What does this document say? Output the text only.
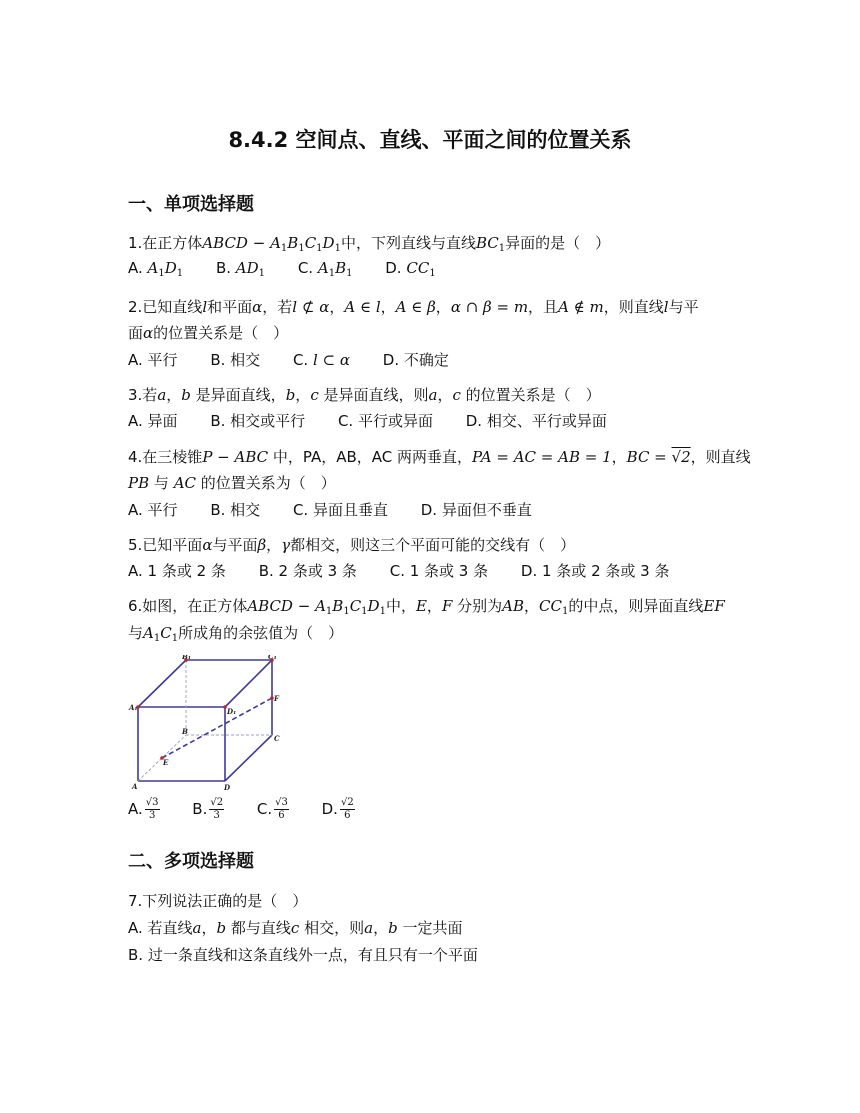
8.4.2 空间点、直线、平面之间的位置关系
一、单项选择题
1.在正方体ABCD − $A_1B_1C_1D_1$中，下列直线与直线$BC_1$异面的是（　）
A. $A_1D_1$ B. $AD_1$ C. $A_1B_1$ D. $CC_1$
2.已知直线l和平面α，若l ⊄ α，A ∈ l，A ∈ β，α ∩ β = m，且A ∉ m，则直线l与平
面α的位置关系是（　）
A. 平行 B. 相交 C. l ⊂ α D. 不确定
3.若a，b 是异面直线，b，c 是异面直线，则a，c 的位置关系是（　）
A. 异面 B. 相交或平行 C. 平行或异面 D. 相交、平行或异面
4.在三棱锥P − ABC 中，PA，AB，AC 两两垂直，PA = AC = AB = 1，BC = √2，则直线
PB 与 AC 的位置关系为（　）
A. 平行 B. 相交 C. 异面且垂直 D. 异面但不垂直
5.已知平面α与平面β，γ都相交，则这三个平面可能的交线有（　）
A. 1 条或 2 条 B. 2 条或 3 条 C. 1 条或 3 条 D. 1 条或 2 条或 3 条
6.如图，在正方体ABCD − $A_1B_1C_1D_1$中，E，F 分别为AB，$CC_1$的中点，则异面直线EF
与$A_1C_1$所成角的余弦值为（　）
B₁	C₁
A₁	D₁
F
B
C
E
A	D
A. $\frac{√3}{3} B$. $\frac{√2}{3} C$. $\frac{√3}{6} D$. $\frac{√2}{6}$
二、多项选择题
7.下列说法正确的是（　）
A. 若直线a，b 都与直线c 相交，则a，b 一定共面
B. 过一条直线和这条直线外一点，有且只有一个平面
